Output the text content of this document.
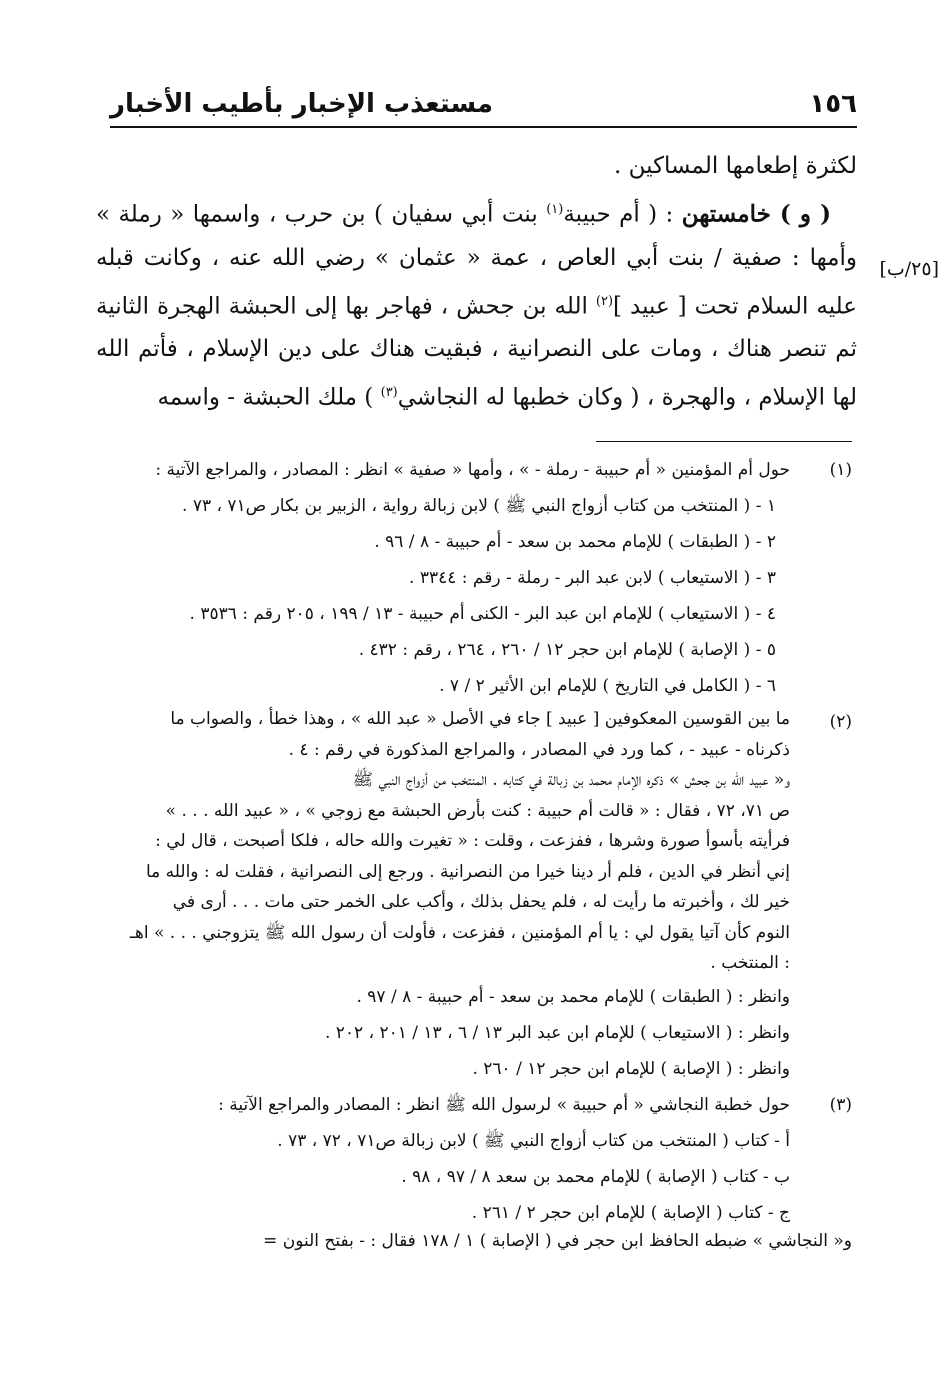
١٥٦
مستعذب الإخبار بأطيب الأخبار

لكثرة إطعامها المساكين .

( و ) خامستهن : ( أم حبيبة$^{(١)}$ بنت أبي سفيان ) بن حرب ، واسمها « رملة » وأمها : صفية / بنت أبي العاص ، عمة « عثمان » رضي الله عنه ، وكانت قبله عليه السلام تحت [ عبيد ]$^{(٢)}$ الله بن جحش ، فهاجر بها إلى الحبشة الهجرة الثانية ثم تنصر هناك ، ومات على النصرانية ، فبقيت هناك على دين الإسلام ، فأتم الله لها الإسلام ، والهجرة ، ( وكان خطبها له النجاشي$^{(٣)}$ ) ملك الحبشة - واسمه

[٢٥/ب]
(١)
حول أم المؤمنين « أم حبيبة - رملة - » ، وأمها « صفية » انظر : المصادر ، والمراجع الآتية :
١ - ( المنتخب من كتاب أزواج النبي ﷺ ) لابن زبالة رواية ، الزبير بن بكار ص٧١ ، ٧٣ .
٢ - ( الطبقات ) للإمام محمد بن سعد - أم حبيبة - ٨ / ٩٦ .
٣ - ( الاستيعاب ) لابن عبد البر - رملة - رقم : ٣٣٤٤ .
٤ - ( الاستيعاب ) للإمام ابن عبد البر - الكنى أم حبيبة - ١٣ / ١٩٩ ، ٢٠٥ رقم : ٣٥٣٦ .
٥ - ( الإصابة ) للإمام ابن حجر ١٢ / ٢٦٠ ، ٢٦٤ ، رقم : ٤٣٢ .
٦ - ( الكامل في التاريخ ) للإمام ابن الأثير ٢ / ٧ .
(٢)
ما بين القوسين المعكوفين [ عبيد ] جاء في الأصل « عبد الله » ، وهذا خطأ ، والصواب ما
ذكرناه - عبيد - ، كما ورد في المصادر ، والمراجع المذكورة في رقم : ٤ .
و« عبيد الله بن جحش » ذكره الإمام محمد بن زبالة في كتابه . المنتخب من أزواج النبي ﷺ
ص ٧١، ٧٢ ، فقال : « قالت أم حبيبة : كنت بأرض الحبشة مع زوجي » ، « عبيد الله . . . »
فرأيته بأسوأ صورة وشرها ، ففزعت ، وقلت : « تغيرت والله حاله ، فلكا أصبحت ، قال لي :
إني أنظر في الدين ، فلم أر دينا خيرا من النصرانية . ورجع إلى النصرانية ، فقلت له : والله ما
خير لك ، وأخبرته ما رأيت له ، فلم يحفل بذلك ، وأكب على الخمر حتى مات . . . أرى في
النوم كأن آتيا يقول لي : يا أم المؤمنين ، ففزعت ، فأولت أن رسول الله ﷺ يتزوجني . . . » اهـ
: المنتخب .
وانظر : ( الطبقات ) للإمام محمد بن سعد - أم حبيبة - ٨ / ٩٧ .
وانظر : ( الاستيعاب ) للإمام ابن عبد البر ١٣ / ٦ ، ١٣ / ٢٠١ ، ٢٠٢ .
وانظر : ( الإصابة ) للإمام ابن حجر ١٢ / ٢٦٠ .
(٣)
حول خطبة النجاشي « أم حبيبة » لرسول الله ﷺ انظر : المصادر والمراجع الآتية :
أ - كتاب ( المنتخب من كتاب أزواج النبي ﷺ ) لابن زبالة ص٧١ ، ٧٢ ، ٧٣ .
ب - كتاب ( الإصابة ) للإمام محمد بن سعد ٨ / ٩٧ ، ٩٨ .
ج - كتاب ( الإصابة ) للإمام ابن حجر ٢ / ٢٦١ .
و« النجاشي » ضبطه الحافظ ابن حجر في ( الإصابة ) ١ / ١٧٨ فقال : - بفتح النون =
